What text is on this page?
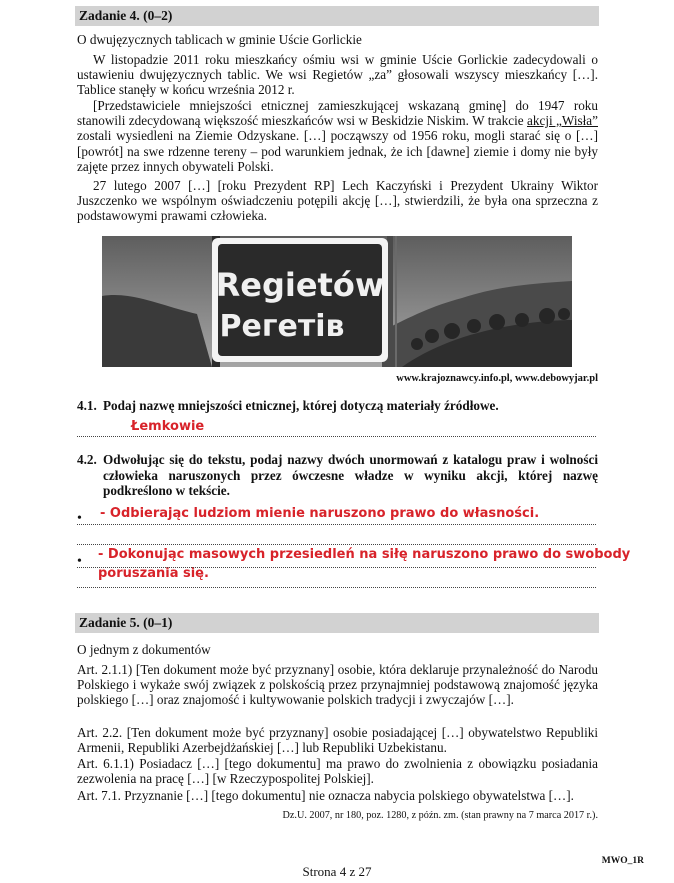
Zadanie 4. (0–2)
O dwujęzycznych tablicach w gminie Uście Gorlickie
W listopadzie 2011 roku mieszkańcy ośmiu wsi w gminie Uście Gorlickie zadecydowali o ustawieniu dwujęzycznych tablic. We wsi Regietów „za” głosowali wszyscy mieszkańcy […]. Tablice stanęły w końcu września 2012 r.
[Przedstawiciele mniejszości etnicznej zamieszkującej wskazaną gminę] do 1947 roku stanowili zdecydowaną większość mieszkańców wsi w Beskidzie Niskim. W trakcie akcji „Wisła” zostali wysiedleni na Ziemie Odzyskane. […] począwszy od 1956 roku, mogli starać się o […] [powrót] na swe rdzenne tereny – pod warunkiem jednak, że ich [dawne] ziemie i domy nie były zajęte przez innych obywateli Polski.
27 lutego 2007 […] [roku Prezydent RP] Lech Kaczyński i Prezydent Ukrainy Wiktor Juszczenko we wspólnym oświadczeniu potępili akcję […], stwierdzili, że była ona sprzeczna z podstawowymi prawami człowieka.
Regietów
Регетів
www.krajoznawcy.info.pl, www.debowyjar.pl
4.1. Podaj nazwę mniejszości etnicznej, której dotyczą materiały źródłowe.
Łemkowie
4.2. Odwołując się do tekstu, podaj nazwy dwóch unormowań z katalogu praw i wolności człowieka naruszonych przez ówczesne władze w wyniku akcji, której nazwę podkreślono w tekście.
• - Odbierając ludziom mienie naruszono prawo do własności.
• - Dokonując masowych przesiedleń na siłę naruszono prawo do swobody
poruszania się.
Zadanie 5. (0–1)
O jednym z dokumentów
Art. 2.1.1) [Ten dokument może być przyznany] osobie, która deklaruje przynależność do Narodu Polskiego i wykaże swój związek z polskością przez przynajmniej podstawową znajomość języka polskiego […] oraz znajomość i kultywowanie polskich tradycji i zwyczajów […].
Art. 2.2. [Ten dokument może być przyznany] osobie posiadającej […] obywatelstwo Republiki Armenii, Republiki Azerbejdżańskiej […] lub Republiki Uzbekistanu.
Art. 6.1.1) Posiadacz […] [tego dokumentu] ma prawo do zwolnienia z obowiązku posiadania zezwolenia na pracę […] [w Rzeczypospolitej Polskiej].
Art. 7.1. Przyznanie […] [tego dokumentu] nie oznacza nabycia polskiego obywatelstwa […].
Dz.U. 2007, nr 180, poz. 1280, z późn. zm. (stan prawny na 7 marca 2017 r.).
Strona 4 z 27
MWO_1R
